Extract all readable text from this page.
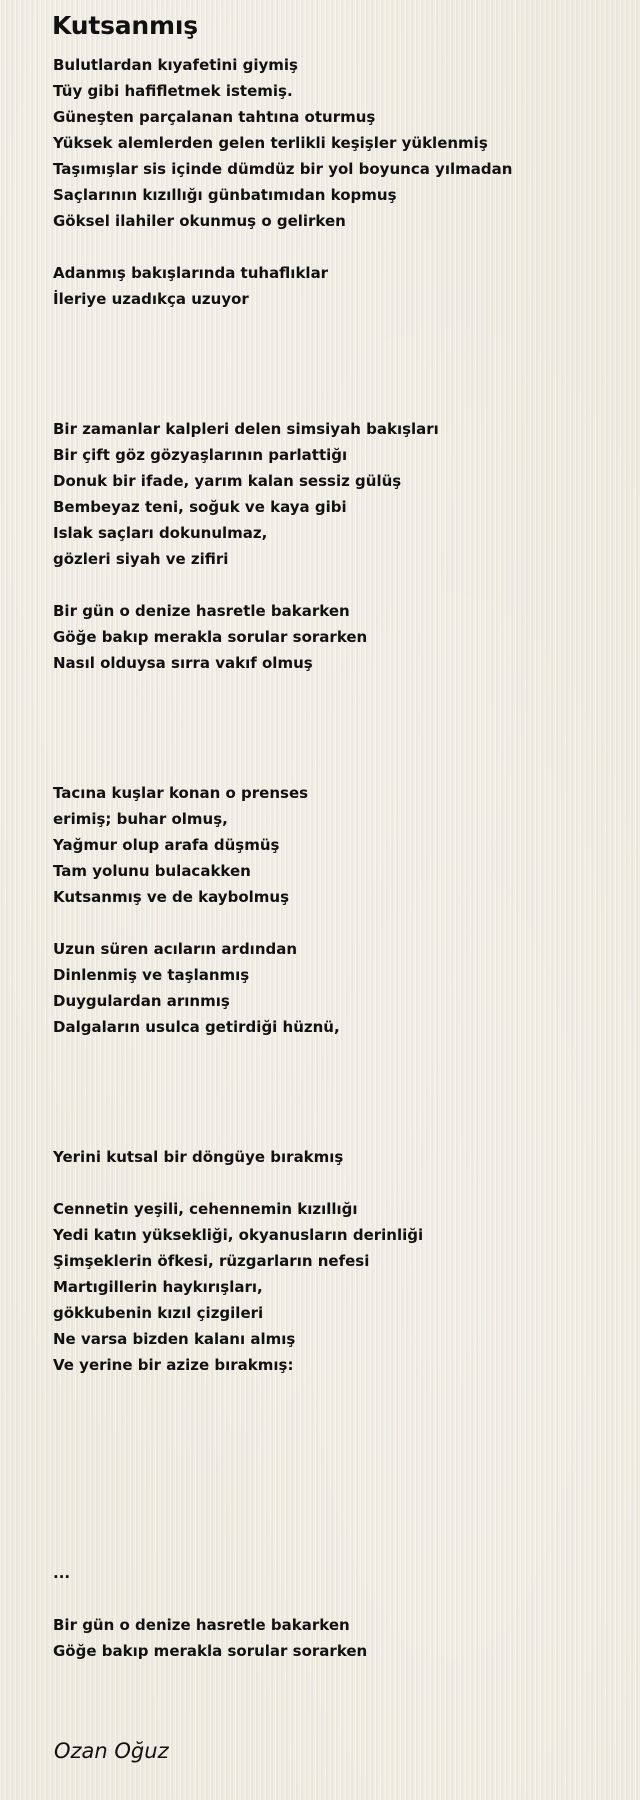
Kutsanmış
Bulutlardan kıyafetini giymiş
Tüy gibi hafifletmek istemiş.
Güneşten parçalanan tahtına oturmuş
Yüksek alemlerden gelen terlikli keşişler yüklenmiş
Taşımışlar sis içinde dümdüz bir yol boyunca yılmadan
Saçlarının kızıllığı günbatımıdan kopmuş
Göksel ilahiler okunmuş o gelirken
Adanmış bakışlarında tuhaflıklar
İleriye uzadıkça uzuyor
Bir zamanlar kalpleri delen simsiyah bakışları
Bir çift göz gözyaşlarının parlattiğı
Donuk bir ifade, yarım kalan sessiz gülüş
Bembeyaz teni, soğuk ve kaya gibi
Islak saçları dokunulmaz,
gözleri siyah ve zifiri
Bir gün o denize hasretle bakarken
Göğe bakıp merakla sorular sorarken
Nasıl olduysa sırra vakıf olmuş
Tacına kuşlar konan o prenses
erimiş; buhar olmuş,
Yağmur olup arafa düşmüş
Tam yolunu bulacakken
Kutsanmış ve de kaybolmuş
Uzun süren acıların ardından
Dinlenmiş ve taşlanmış
Duygulardan arınmış
Dalgaların usulca getirdiği hüznü,
Yerini kutsal bir döngüye bırakmış
Cennetin yeşili, cehennemin kızıllığı
Yedi katın yüksekliği, okyanusların derinliği
Şimşeklerin öfkesi, rüzgarların nefesi
Martıgillerin haykırışları,
gökkubenin kızıl çizgileri
Ne varsa bizden kalanı almış
Ve yerine bir azize bırakmış:
...
Bir gün o denize hasretle bakarken
Göğe bakıp merakla sorular sorarken

Ozan Oğuz
